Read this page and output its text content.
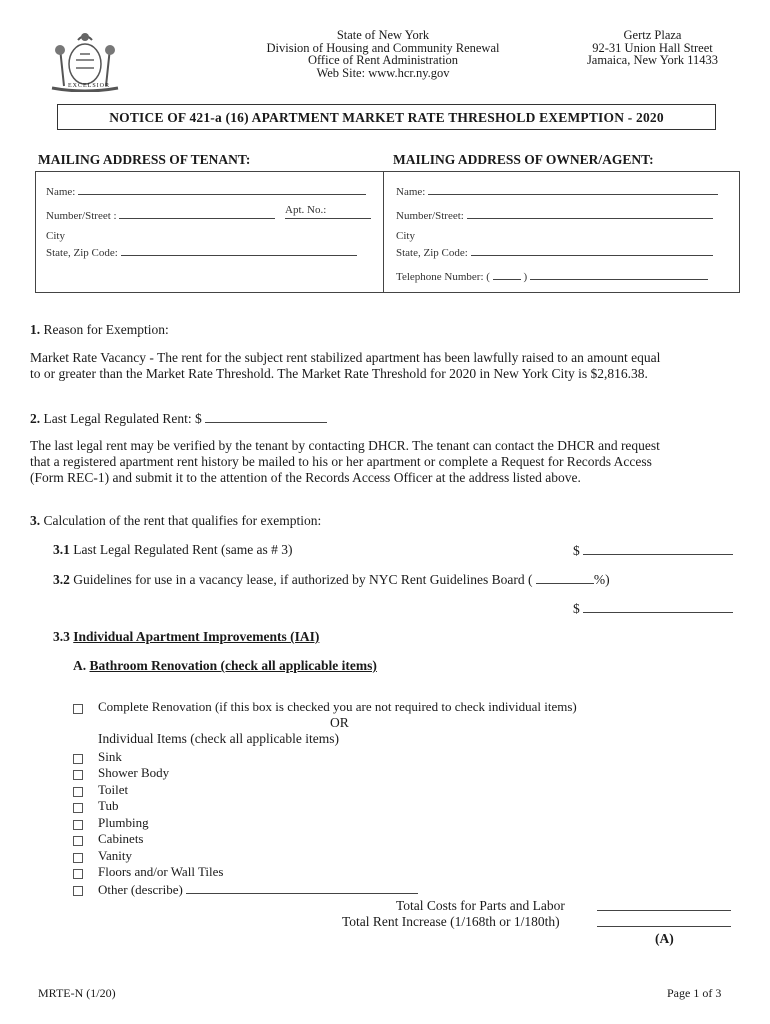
EXCELSIOR
State of New York
Division of Housing and Community Renewal
Office of Rent Administration
Web Site: www.hcr.ny.gov
Gertz Plaza
92-31 Union Hall Street
Jamaica, New York 11433
NOTICE OF 421-a (16) APARTMENT MARKET RATE THRESHOLD EXEMPTION - 2020
MAILING ADDRESS OF TENANT:	MAILING ADDRESS OF OWNER/AGENT:
Name:
Number/Street :	Apt. No.:
City
State, Zip Code:
Name:
Number/Street:
City
State, Zip Code:
Telephone Number: (	)
1. Reason for Exemption:
Market Rate Vacancy - The rent for the subject rent stabilized apartment has been lawfully raised to an amount equal
to or greater than the Market Rate Threshold. The Market Rate Threshold for 2020 in New York City is $2,816.38.
2. Last Legal Regulated Rent: $
The last legal rent may be verified by the tenant by contacting DHCR. The tenant can contact the DHCR and request
that a registered apartment rent history be mailed to his or her apartment or complete a Request for Records Access
(Form REC-1) and submit it to the attention of the Records Access Officer at the address listed above.
3. Calculation of the rent that qualifies for exemption:
3.1 Last Legal Regulated Rent (same as # 3)	$
3.2 Guidelines for use in a vacancy lease, if authorized by NYC Rent Guidelines Board (	%)
$
3.3 Individual Apartment Improvements (IAI)
A. Bathroom Renovation (check all applicable items)
Complete Renovation (if this box is checked you are not required to check individual items)
OR
Individual Items (check all applicable items)
Sink
Shower Body
Toilet
Tub
Plumbing
Cabinets
Vanity
Floors and/or Wall Tiles
Other (describe)
Total Costs for Parts and Labor
Total Rent Increase (1/168th or 1/180th)
(A)
MRTE-N (1/20)	Page 1 of 3
